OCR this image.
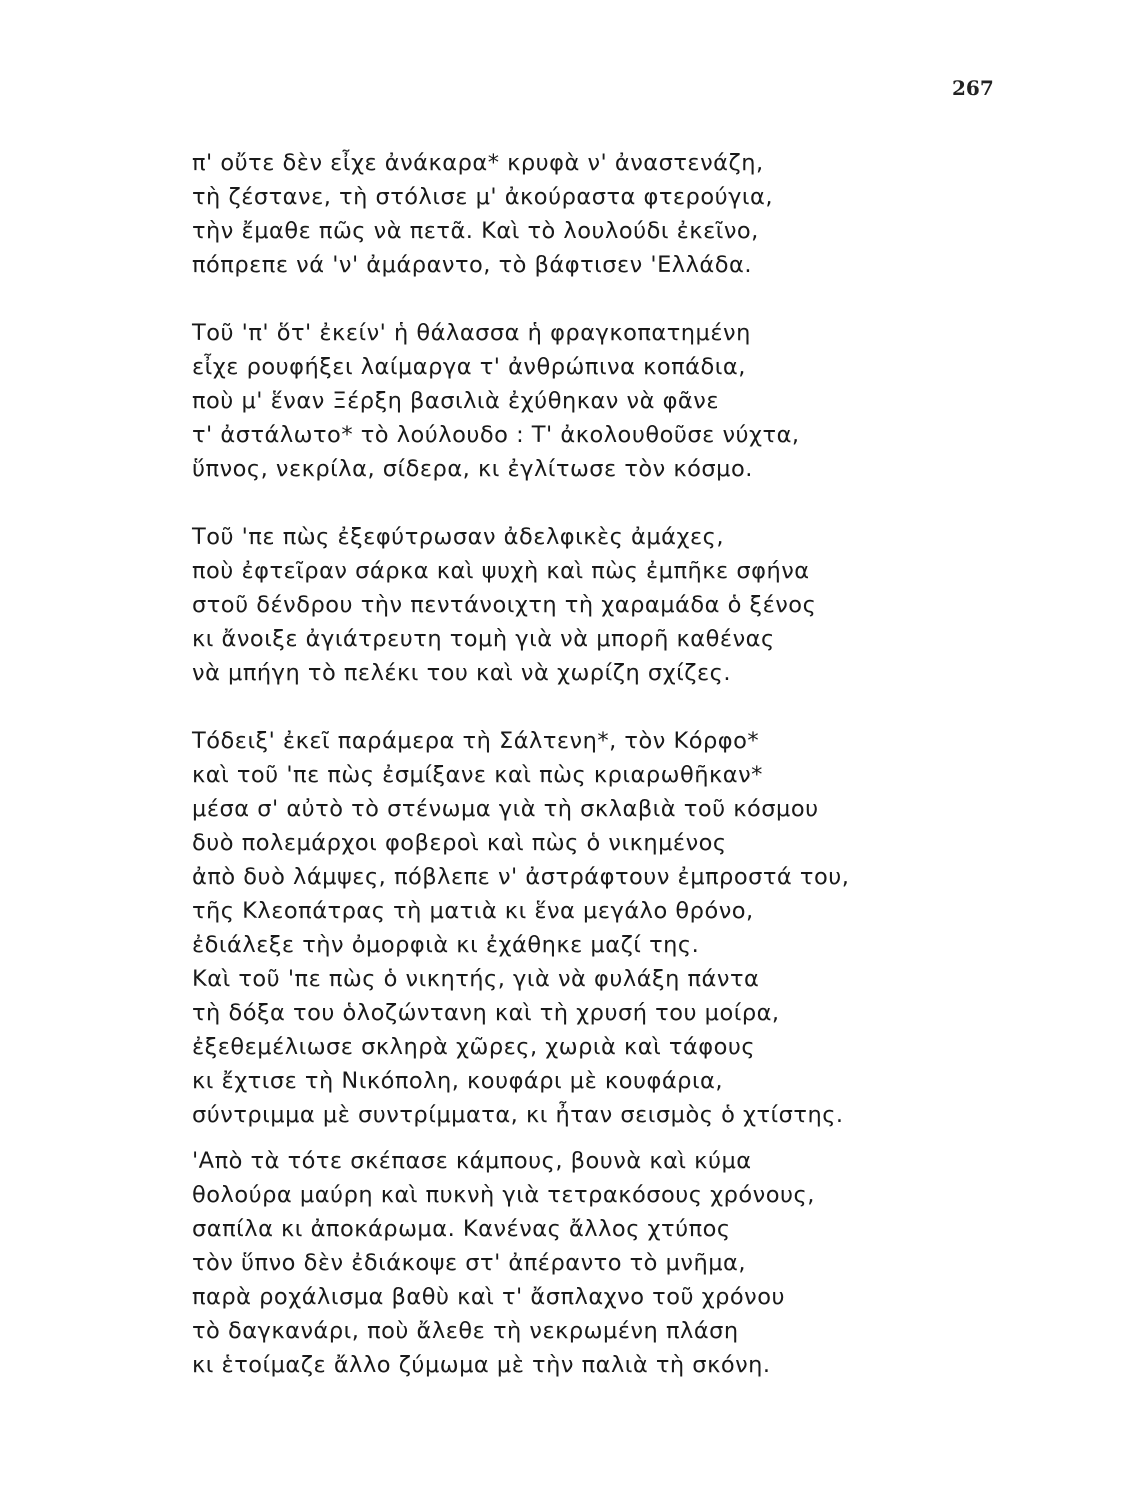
267
π' οὔτε δὲν εἶχε ἀνάκαρα* κρυφὰ ν' ἀναστενάζη,
τὴ ζέστανε, τὴ στόλισε μ' ἀκούραστα φτερούγια,
τὴν ἔμαθε πῶς νὰ πετᾶ. Καὶ τὸ λουλούδι ἐκεῖνο,
πόπρεπε νά 'ν' ἀμάραντο, τὸ βάφτισεν 'Ελλάδα.
Τοῦ 'π' ὅτ' ἐκείν' ἡ θάλασσα ἡ φραγκοπατημένη
εἶχε ρουφήξει λαίμαργα τ' ἀνθρώπινα κοπάδια,
ποὺ μ' ἕναν Ξέρξη βασιλιὰ ἐχύθηκαν νὰ φᾶνε
τ' ἀστάλωτο* τὸ λούλουδο : Τ' ἀκολουθοῦσε νύχτα,
ὕπνος, νεκρίλα, σίδερα, κι ἐγλίτωσε τὸν κόσμο.
Τοῦ 'πε πὼς ἐξεφύτρωσαν ἀδελφικὲς ἀμάχες,
ποὺ ἐφτεῖραν σάρκα καὶ ψυχὴ καὶ πὼς ἐμπῆκε σφήνα
στοῦ δένδρου τὴν πεντάνοιχτη τὴ χαραμάδα ὁ ξένος
κι ἄνοιξε ἀγιάτρευτη τομὴ γιὰ νὰ μπορῆ καθένας
νὰ μπήγη τὸ πελέκι του καὶ νὰ χωρίζη σχίζες.
Τόδειξ' ἐκεῖ παράμερα τὴ Σάλτενη*, τὸν Κόρφο*
καὶ τοῦ 'πε πὼς ἐσμίξανε καὶ πὼς κριαρωθῆκαν*
μέσα σ' αὐτὸ τὸ στένωμα γιὰ τὴ σκλαβιὰ τοῦ κόσμου
δυὸ πολεμάρχοι φοβεροὶ καὶ πὼς ὁ νικημένος
ἀπὸ δυὸ λάμψες, πόβλεπε ν' ἀστράφτουν ἐμπροστά του,
τῆς Κλεοπάτρας τὴ ματιὰ κι ἕνα μεγάλο θρόνο,
ἐδιάλεξε τὴν ὀμορφιὰ κι ἐχάθηκε μαζί της.
Καὶ τοῦ 'πε πὼς ὁ νικητής, γιὰ νὰ φυλάξη πάντα
τὴ δόξα του ὁλοζώντανη καὶ τὴ χρυσή του μοίρα,
ἐξεθεμέλιωσε σκληρὰ χῶρες, χωριὰ καὶ τάφους
κι ἔχτισε τὴ Νικόπολη, κουφάρι μὲ κουφάρια,
σύντριμμα μὲ συντρίμματα, κι ἦταν σεισμὸς ὁ χτίστης.
'Απὸ τὰ τότε σκέπασε κάμπους, βουνὰ καὶ κύμα
θολούρα μαύρη καὶ πυκνὴ γιὰ τετρακόσους χρόνους,
σαπίλα κι ἀποκάρωμα. Κανένας ἄλλος χτύπος
τὸν ὕπνο δὲν ἐδιάκοψε στ' ἀπέραντο τὸ μνῆμα,
παρὰ ροχάλισμα βαθὺ καὶ τ' ἄσπλαχνο τοῦ χρόνου
τὸ δαγκανάρι, ποὺ ἄλεθε τὴ νεκρωμένη πλάση
κι ἑτοίμαζε ἄλλο ζύμωμα μὲ τὴν παλιὰ τὴ σκόνη.
